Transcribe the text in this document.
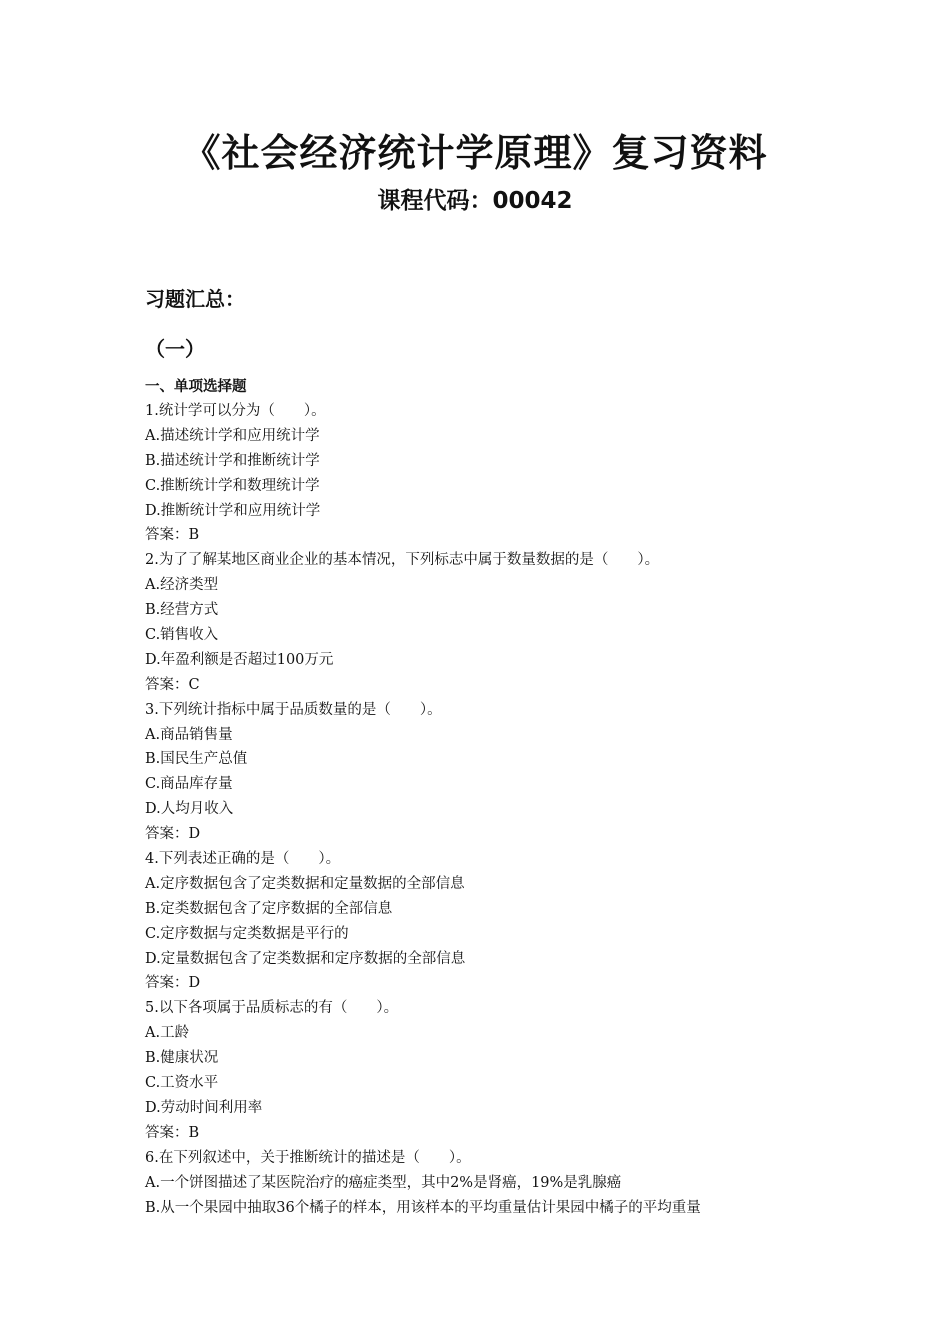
《社会经济统计学原理》复习资料
课程代码：00042
习题汇总：
（一）
一、单项选择题
1.统计学可以分为（　　）。
A.描述统计学和应用统计学
B.描述统计学和推断统计学
C.推断统计学和数理统计学
D.推断统计学和应用统计学
答案：B
2.为了了解某地区商业企业的基本情况，下列标志中属于数量数据的是（　　）。
A.经济类型
B.经营方式
C.销售收入
D.年盈利额是否超过100万元
答案：C
3.下列统计指标中属于品质数量的是（　　）。
A.商品销售量
B.国民生产总值
C.商品库存量
D.人均月收入
答案：D
4.下列表述正确的是（　　）。
A.定序数据包含了定类数据和定量数据的全部信息
B.定类数据包含了定序数据的全部信息
C.定序数据与定类数据是平行的
D.定量数据包含了定类数据和定序数据的全部信息
答案：D
5.以下各项属于品质标志的有（　　）。
A.工龄
B.健康状况
C.工资水平
D.劳动时间利用率
答案：B
6.在下列叙述中，关于推断统计的描述是（　　）。
A.一个饼图描述了某医院治疗的癌症类型，其中2%是肾癌，19%是乳腺癌
B.从一个果园中抽取36个橘子的样本，用该样本的平均重量估计果园中橘子的平均重量
